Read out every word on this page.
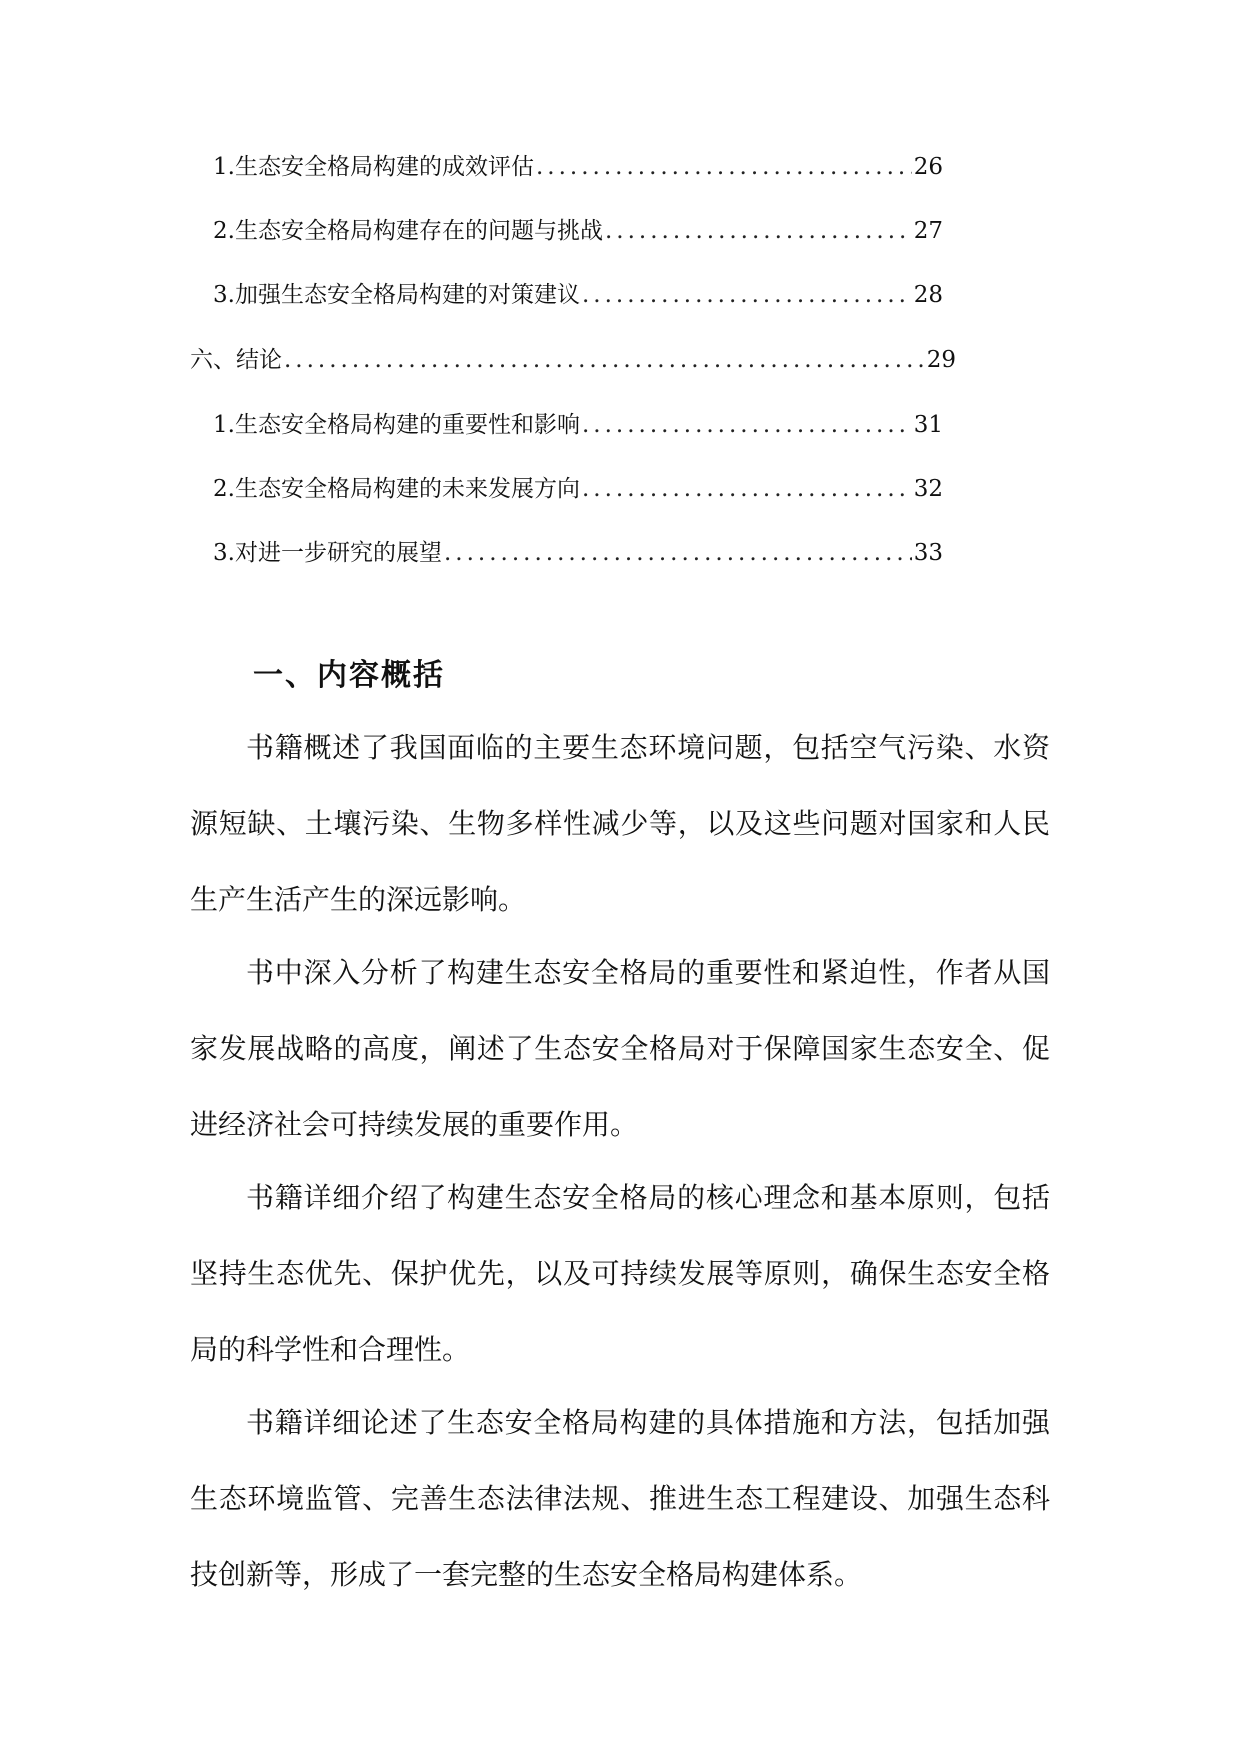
1. 生态安全格局构建的成效评估 .....	26
2. 生态安全格局构建存在的问题与挑战 .....	27
3. 加强生态安全格局构建的对策建议 .....	28
六、结论 .....	29
1. 生态安全格局构建的重要性和影响 .....	31
2. 生态安全格局构建的未来发展方向 .....	32
3. 对进一步研究的展望 .....	33
一、内容概括

书籍概述了我国面临的主要生态环境问题，包括空气污染、水资源短缺、土壤污染、生物多样性减少等，以及这些问题对国家和人民生产生活产生的深远影响。

书中深入分析了构建生态安全格局的重要性和紧迫性，作者从国家发展战略的高度，阐述了生态安全格局对于保障国家生态安全、促进经济社会可持续发展的重要作用。

书籍详细介绍了构建生态安全格局的核心理念和基本原则，包括坚持生态优先、保护优先，以及可持续发展等原则，确保生态安全格局的科学性和合理性。

书籍详细论述了生态安全格局构建的具体措施和方法，包括加强生态环境监管、完善生态法律法规、推进生态工程建设、加强生态科技创新等，形成了一套完整的生态安全格局构建体系。
